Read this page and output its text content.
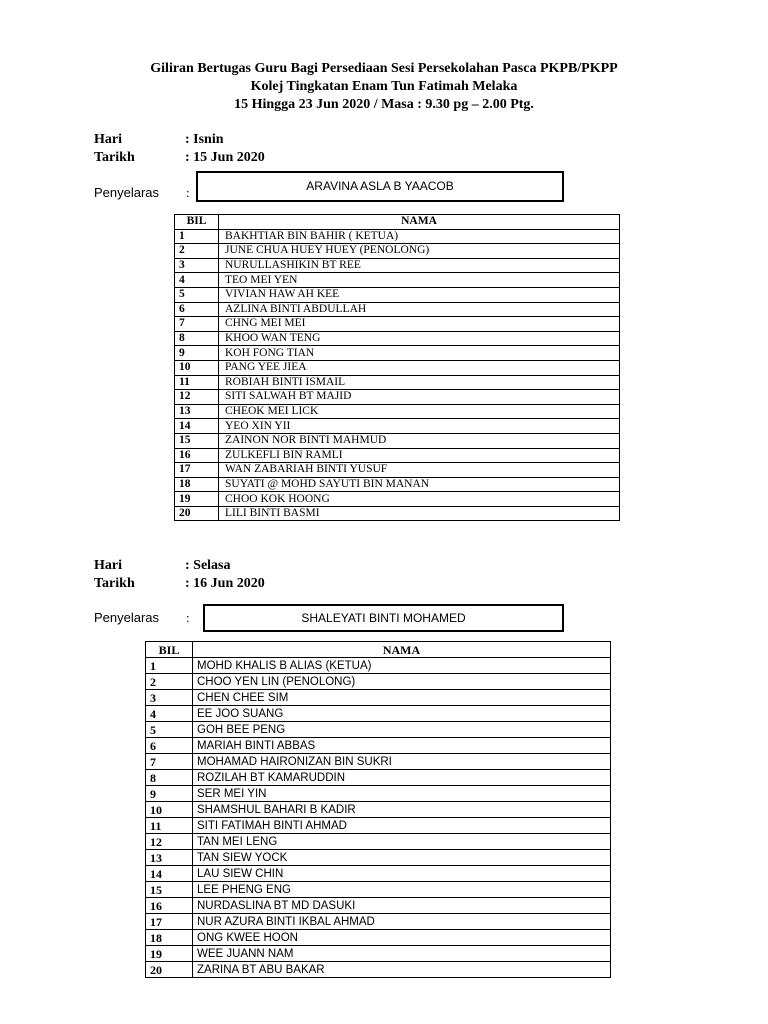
Giliran Bertugas Guru Bagi Persediaan Sesi Persekolahan Pasca PKPB/PKPP
Kolej Tingkatan Enam Tun Fatimah Melaka
15 Hingga 23 Jun 2020 / Masa : 9.30 pg – 2.00 Ptg.
Hari	: Isnin
Tarikh	: 15 Jun 2020
Penyelaras :	ARAVINA ASLA B YAACOB
BIL	NAMA
1	BAKHTIAR BIN BAHIR ( KETUA)
2	JUNE CHUA HUEY HUEY (PENOLONG)
3	NURULLASHIKIN BT REE
4	TEO MEI YEN
5	VIVIAN HAW AH KEE
6	AZLINA BINTI ABDULLAH
7	CHNG MEI MEI
8	KHOO WAN TENG
9	KOH FONG TIAN
10	PANG YEE JIEA
11	ROBIAH BINTI ISMAIL
12	SITI SALWAH BT MAJID
13	CHEOK MEI LICK
14	YEO XIN YII
15	ZAINON NOR BINTI MAHMUD
16	ZULKEFLI BIN RAMLI
17	WAN ZABARIAH BINTI YUSUF
18	SUYATI @ MOHD SAYUTI BIN MANAN
19	CHOO KOK HOONG
20	LILI BINTI BASMI
Hari	: Selasa
Tarikh	: 16 Jun 2020
Penyelaras :	SHALEYATI BINTI MOHAMED
BIL	NAMA
1	MOHD KHALIS B ALIAS (KETUA)
2	CHOO YEN LIN (PENOLONG)
3	CHEN CHEE SIM
4	EE JOO SUANG
5	GOH BEE PENG
6	MARIAH BINTI ABBAS
7	MOHAMAD HAIRONIZAN BIN SUKRI
8	ROZILAH BT KAMARUDDIN
9	SER MEI YIN
10	SHAMSHUL BAHARI B KADIR
11	SITI FATIMAH BINTI AHMAD
12	TAN MEI LENG
13	TAN SIEW YOCK
14	LAU SIEW CHIN
15	LEE PHENG ENG
16	NURDASLINA BT MD DASUKI
17	NUR AZURA BINTI IKBAL AHMAD
18	ONG KWEE HOON
19	WEE JUANN NAM
20	ZARINA BT ABU BAKAR
